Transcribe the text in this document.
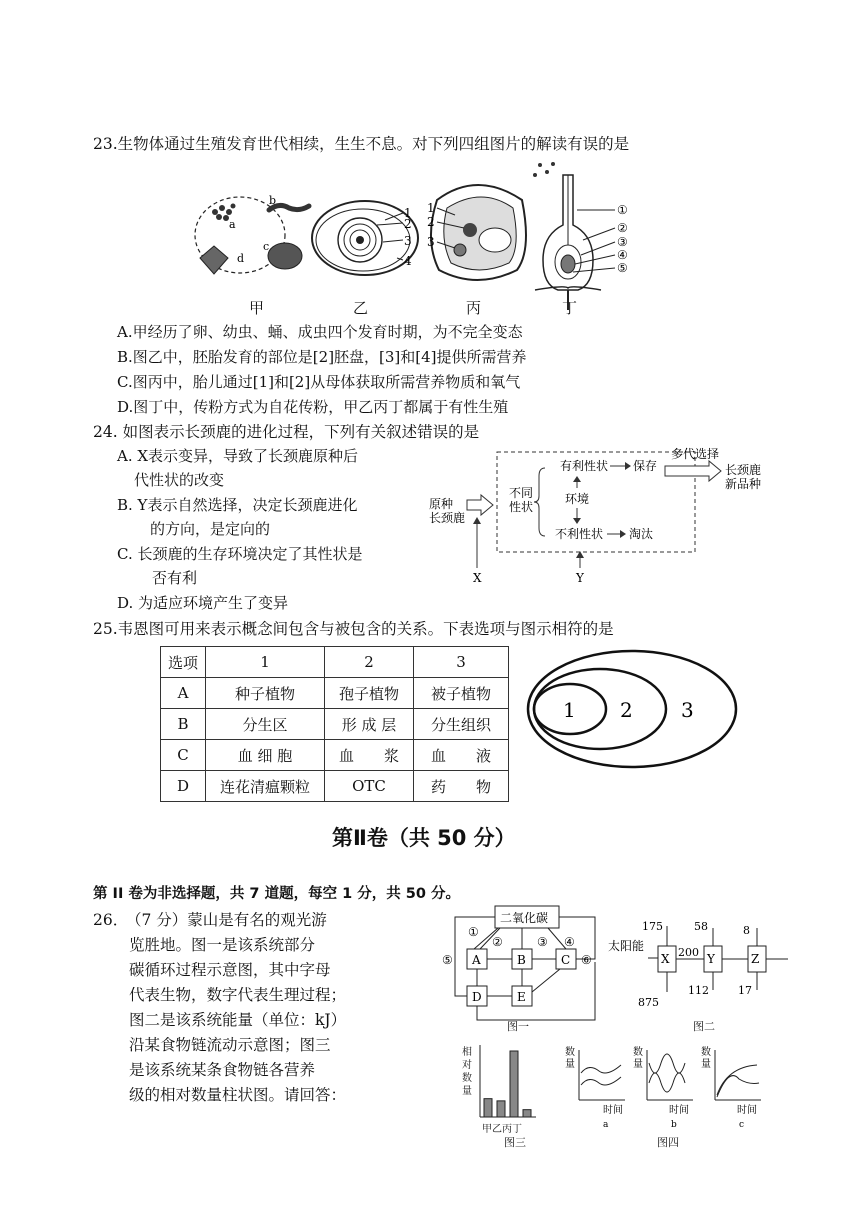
23.生物体通过生殖发育世代相续，生生不息。对下列四组图片的解读有误的是
a
b
c
d
1
2
3
4
1
2
3
①
②
③
④
⑤
甲	乙	丙	丁
A.甲经历了卵、幼虫、蛹、成虫四个发育时期，为不完全变态
B.图乙中，胚胎发育的部位是[2]胚盘，[3]和[4]提供所需营养
C.图丙中，胎儿通过[1]和[2]从母体获取所需营养物质和氧气
D.图丁中，传粉方式为自花传粉，甲乙丙丁都属于有性生殖
24. 如图表示长颈鹿的进化过程，下列有关叙述错误的是
A. X表示变异，导致了长颈鹿原种后
代性状的改变
B. Y表示自然选择，决定长颈鹿进化
的方向，是定向的
C. 长颈鹿的生存环境决定了其性状是
否有利
D. 为适应环境产生了变异
原种
长颈鹿
不同
性状
有利性状 保存
环境
不利性状 淘汰
多代选择
长颈鹿
新品种
X	Y
25.韦恩图可用来表示概念间包含与被包含的关系。下表选项与图示相符的是
选项	1	2	3
A	种子植物	孢子植物	被子植物
B	分生区	形 成 层	分生组织
C	血 细 胞	血　　浆	血　　液
D	连花清瘟颗粒	OTC	药　　物
1 2 3
第Ⅱ卷（共 50 分）
第 II 卷为非选择题，共 7 道题，每空 1 分，共 50 分。
26．
（7 分）蒙山是有名的观光游
览胜地。图一是该系统部分
碳循环过程示意图，其中字母
代表生物，数字代表生理过程；
图二是该系统能量（单位：kJ）
沿某食物链流动示意图；图三
是该系统某条食物链各营养
级的相对数量柱状图。请回答：
二氧化碳
A	B	C
D	E
①
②	③ ④
⑤	⑥
图一
太阳能
X	Y	Z
175
875
200
58
112
8
17
图二
相
对
数
量
甲乙丙丁
图三
数
量
时间
a
数
量
时间
b
数
量
时间
c
图四
